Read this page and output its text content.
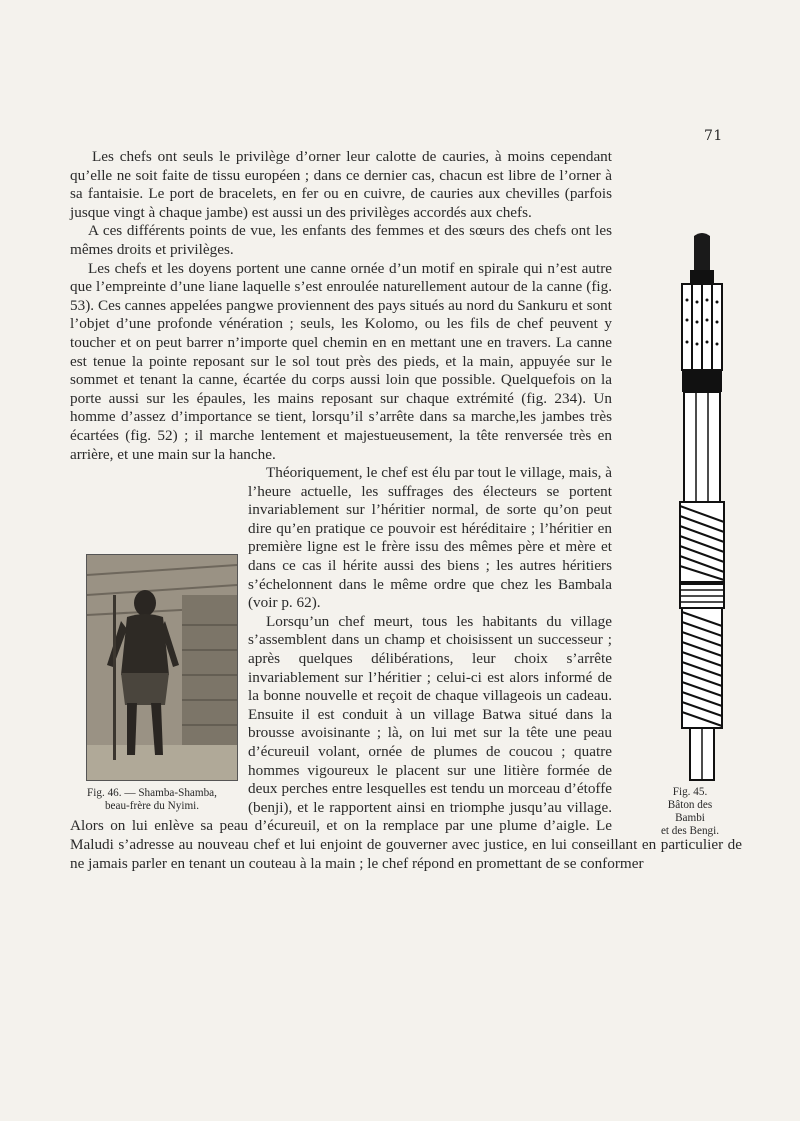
71
Fig. 45.
Bâton des
Bambi
et des Bengi.

Les chefs ont seuls le privilège d’orner leur calotte de cauries, à moins cependant qu’elle ne soit faite de tissu européen ; dans ce dernier cas, chacun est libre de l’orner à sa fantaisie. Le port de bracelets, en fer ou en cuivre, de cauries aux chevilles (parfois jusque vingt à chaque jambe) est aussi un des privilèges accordés aux chefs.

A ces différents points de vue, les enfants des femmes et des sœurs des chefs ont les mêmes droits et privilèges.

Les chefs et les doyens portent une canne ornée d’un motif en spirale qui n’est autre que l’empreinte d’une liane laquelle s’est enroulée naturellement autour de la canne (fig. 53). Ces cannes appelées pangwe proviennent des pays situés au nord du Sankuru et sont l’objet d’une profonde vénération ; seuls, les Kolomo, ou les fils de chef peuvent y toucher et on peut barrer n’importe quel chemin en en mettant une en travers. La canne est tenue la pointe reposant sur le sol tout près des pieds, et la main, appuyée sur le sommet et tenant la canne, écartée du corps aussi loin que possible. Quelquefois on la porte aussi sur les épaules, les mains reposant sur chaque extrémité (fig. 234). Un homme d’assez d’importance se tient, lorsqu’il s’arrête dans sa marche,les jambes très écartées (fig. 52) ; il marche lentement et majestueusement, la tête renversée très en arrière, et une main sur la hanche.

Fig. 46. — Shamba-Shamba,
beau-frère du Nyimi.

Théoriquement, le chef est élu par tout le village, mais, à l’heure actuelle, les suffrages des électeurs se portent invariablement sur l’héritier normal, de sorte qu’on peut dire qu’en pratique ce pouvoir est héréditaire ; l’héritier en première ligne est le frère issu des mêmes père et mère et dans ce cas il hérite aussi des biens ; les autres héritiers s’échelonnent dans le même ordre que chez les Bambala (voir p. 62).

Lorsqu’un chef meurt, tous les habitants du village s’assemblent dans un champ et choisissent un successeur ; après quelques délibérations, leur choix s’arrête invariablement sur l’héritier ; celui-ci est alors informé de la bonne nouvelle et reçoit de chaque villageois un cadeau. Ensuite il est conduit à un village Batwa situé dans la brousse avoisinante ; là, on lui met sur la tête une peau d’écureuil volant, ornée de plumes de coucou ; quatre hommes vigoureux le placent sur une litière formée de deux perches entre lesquelles est tendu un morceau d’étoffe (benji), et le rapportent ainsi en triomphe jusqu’au village. Alors on lui enlève sa peau d’écureuil, et on la remplace par une plume d’aigle. Le Maludi s’adresse au nouveau chef et lui enjoint de gouverner avec justice, en lui conseillant en particulier de ne jamais parler en tenant un couteau à la main ; le chef répond en promettant de se conformer
